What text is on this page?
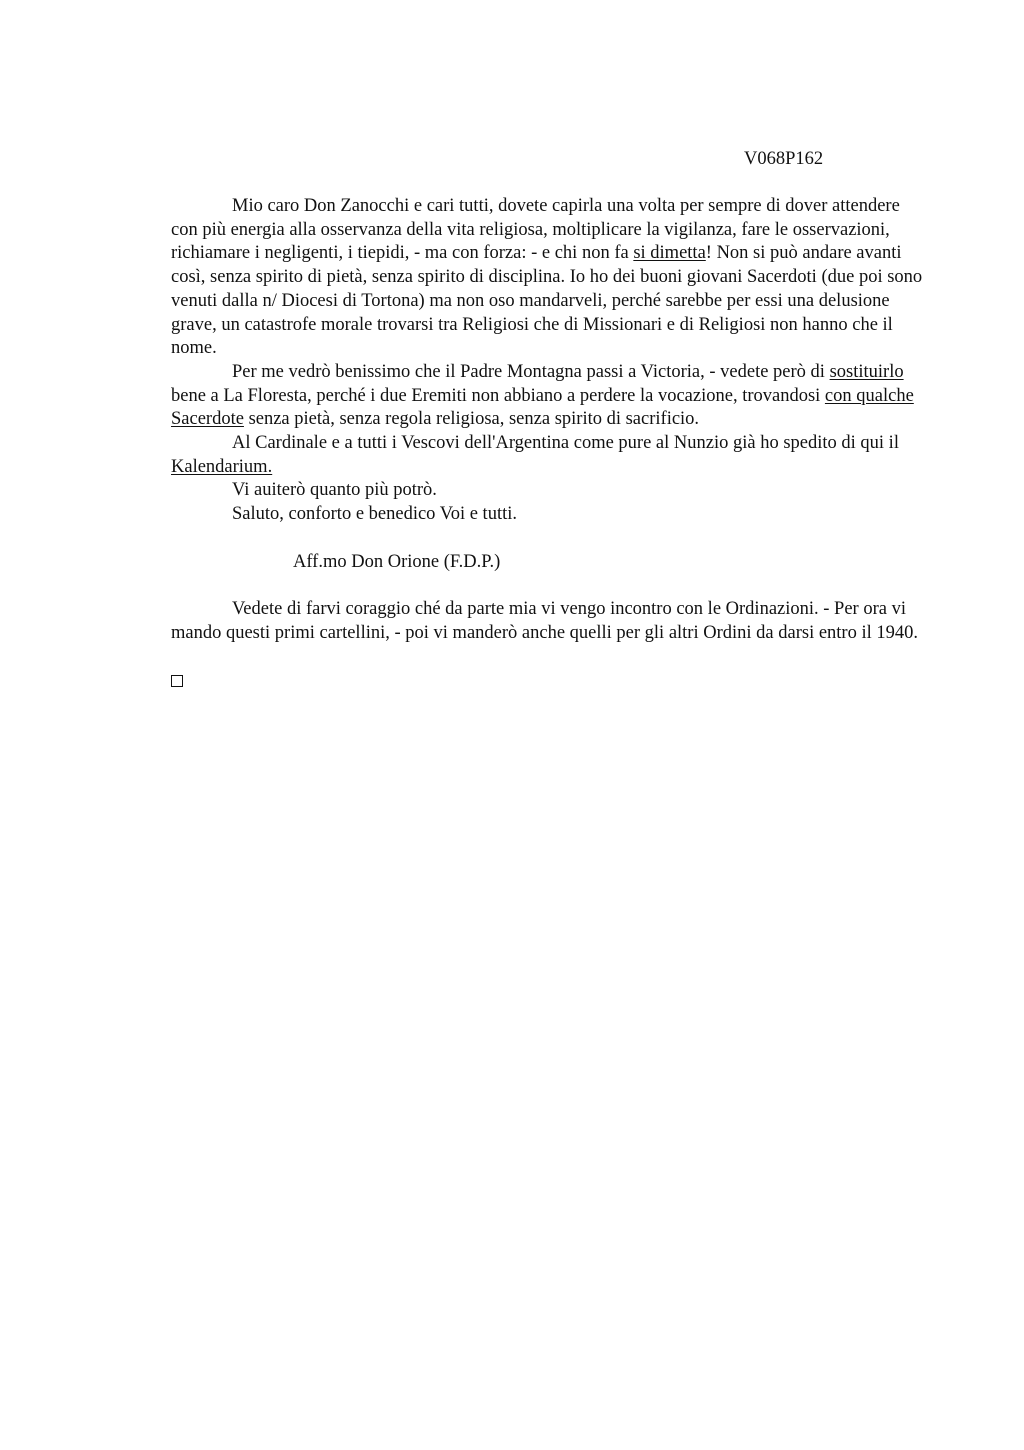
V068P162

Mio caro Don Zanocchi e cari tutti, dovete capirla una volta per sempre di dover attendere con più energia alla osservanza della vita religiosa, moltiplicare la vigilanza, fare le osservazioni, richiamare i negligenti, i tiepidi, - ma con forza: - e chi non fa si dimetta! Non si può andare avanti così, senza spirito di pietà, senza spirito di disciplina. Io ho dei buoni giovani Sacerdoti (due poi sono venuti dalla n/ Diocesi di Tortona) ma non oso mandarveli, perché sarebbe per essi una delusione grave, un catastrofe morale trovarsi tra Religiosi che di Missionari e di Religiosi non hanno che il nome.

Per me vedrò benissimo che il Padre Montagna passi a Victoria, - vedete però di sostituirlo bene a La Floresta, perché i due Eremiti non abbiano a perdere la vocazione, trovandosi con qualche Sacerdote senza pietà, senza regola religiosa, senza spirito di sacrificio.

Al Cardinale e a tutti i Vescovi dell'Argentina come pure al Nunzio già ho spedito di qui il Kalendarium.

Vi auiterò quanto più potrò.

Saluto, conforto e benedico Voi e tutti.

Aff.mo Don Orione (F.D.P.)

Vedete di farvi coraggio ché da parte mia vi vengo incontro con le Ordinazioni. - Per ora vi mando questi primi cartellini, - poi vi manderò anche quelli per gli altri Ordini da darsi entro il 1940.
